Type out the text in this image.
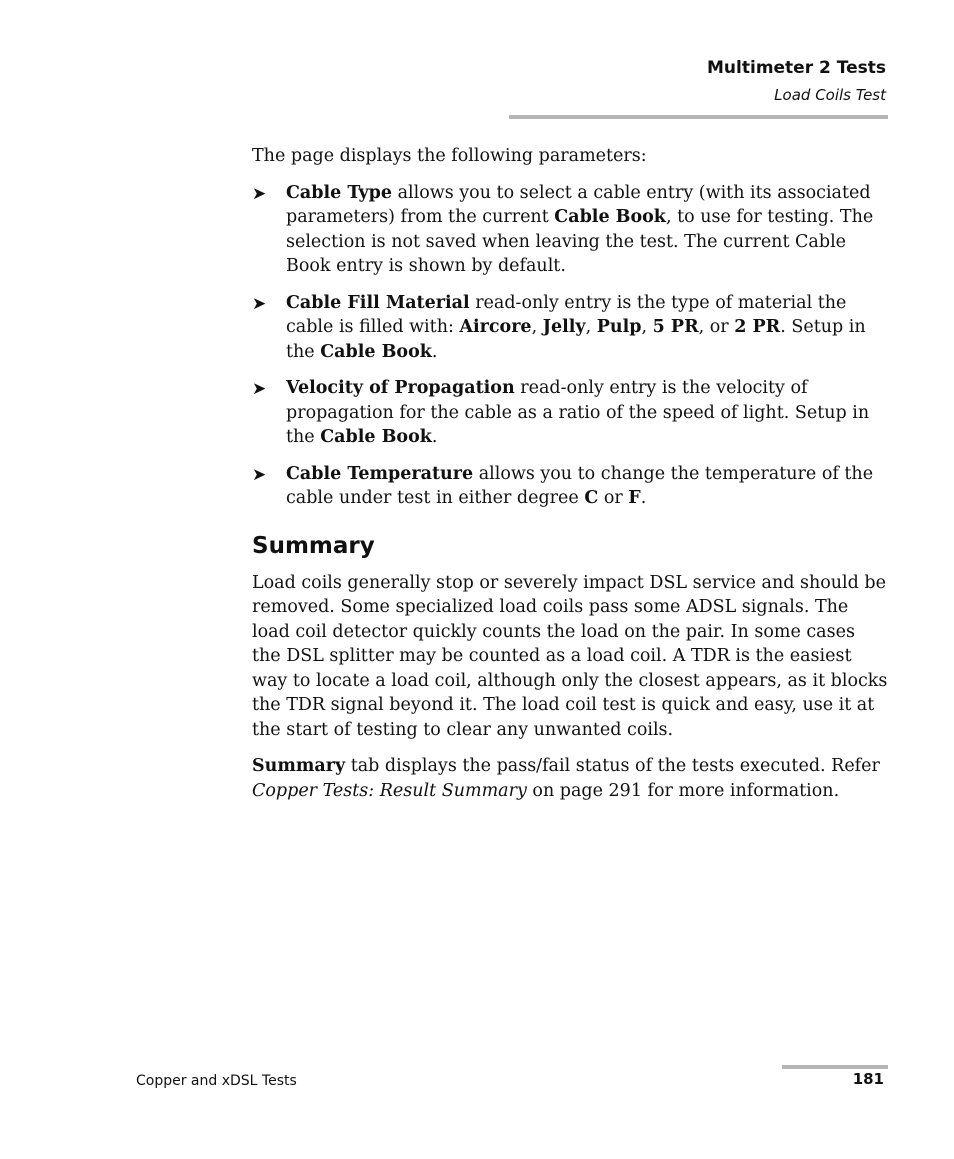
Multimeter 2 Tests
Load Coils Test

The page displays the following parameters:

➤ Cable Type allows you to select a cable entry (with its associated parameters) from the current Cable Book, to use for testing. The selection is not saved when leaving the test. The current Cable Book entry is shown by default.
➤ Cable Fill Material read-only entry is the type of material the cable is filled with: Aircore, Jelly, Pulp, 5 PR, or 2 PR. Setup in the Cable Book.
➤ Velocity of Propagation read-only entry is the velocity of propagation for the cable as a ratio of the speed of light. Setup in the Cable Book.
➤ Cable Temperature allows you to change the temperature of the cable under test in either degree C or F.
Summary

Load coils generally stop or severely impact DSL service and should be removed. Some specialized load coils pass some ADSL signals. The load coil detector quickly counts the load on the pair. In some cases the DSL splitter may be counted as a load coil. A TDR is the easiest way to locate a load coil, although only the closest appears, as it blocks the TDR signal beyond it. The load coil test is quick and easy, use it at the start of testing to clear any unwanted coils.

Summary tab displays the pass/fail status of the tests executed. Refer Copper Tests: Result Summary on page 291 for more information.

Copper and xDSL Tests	181
